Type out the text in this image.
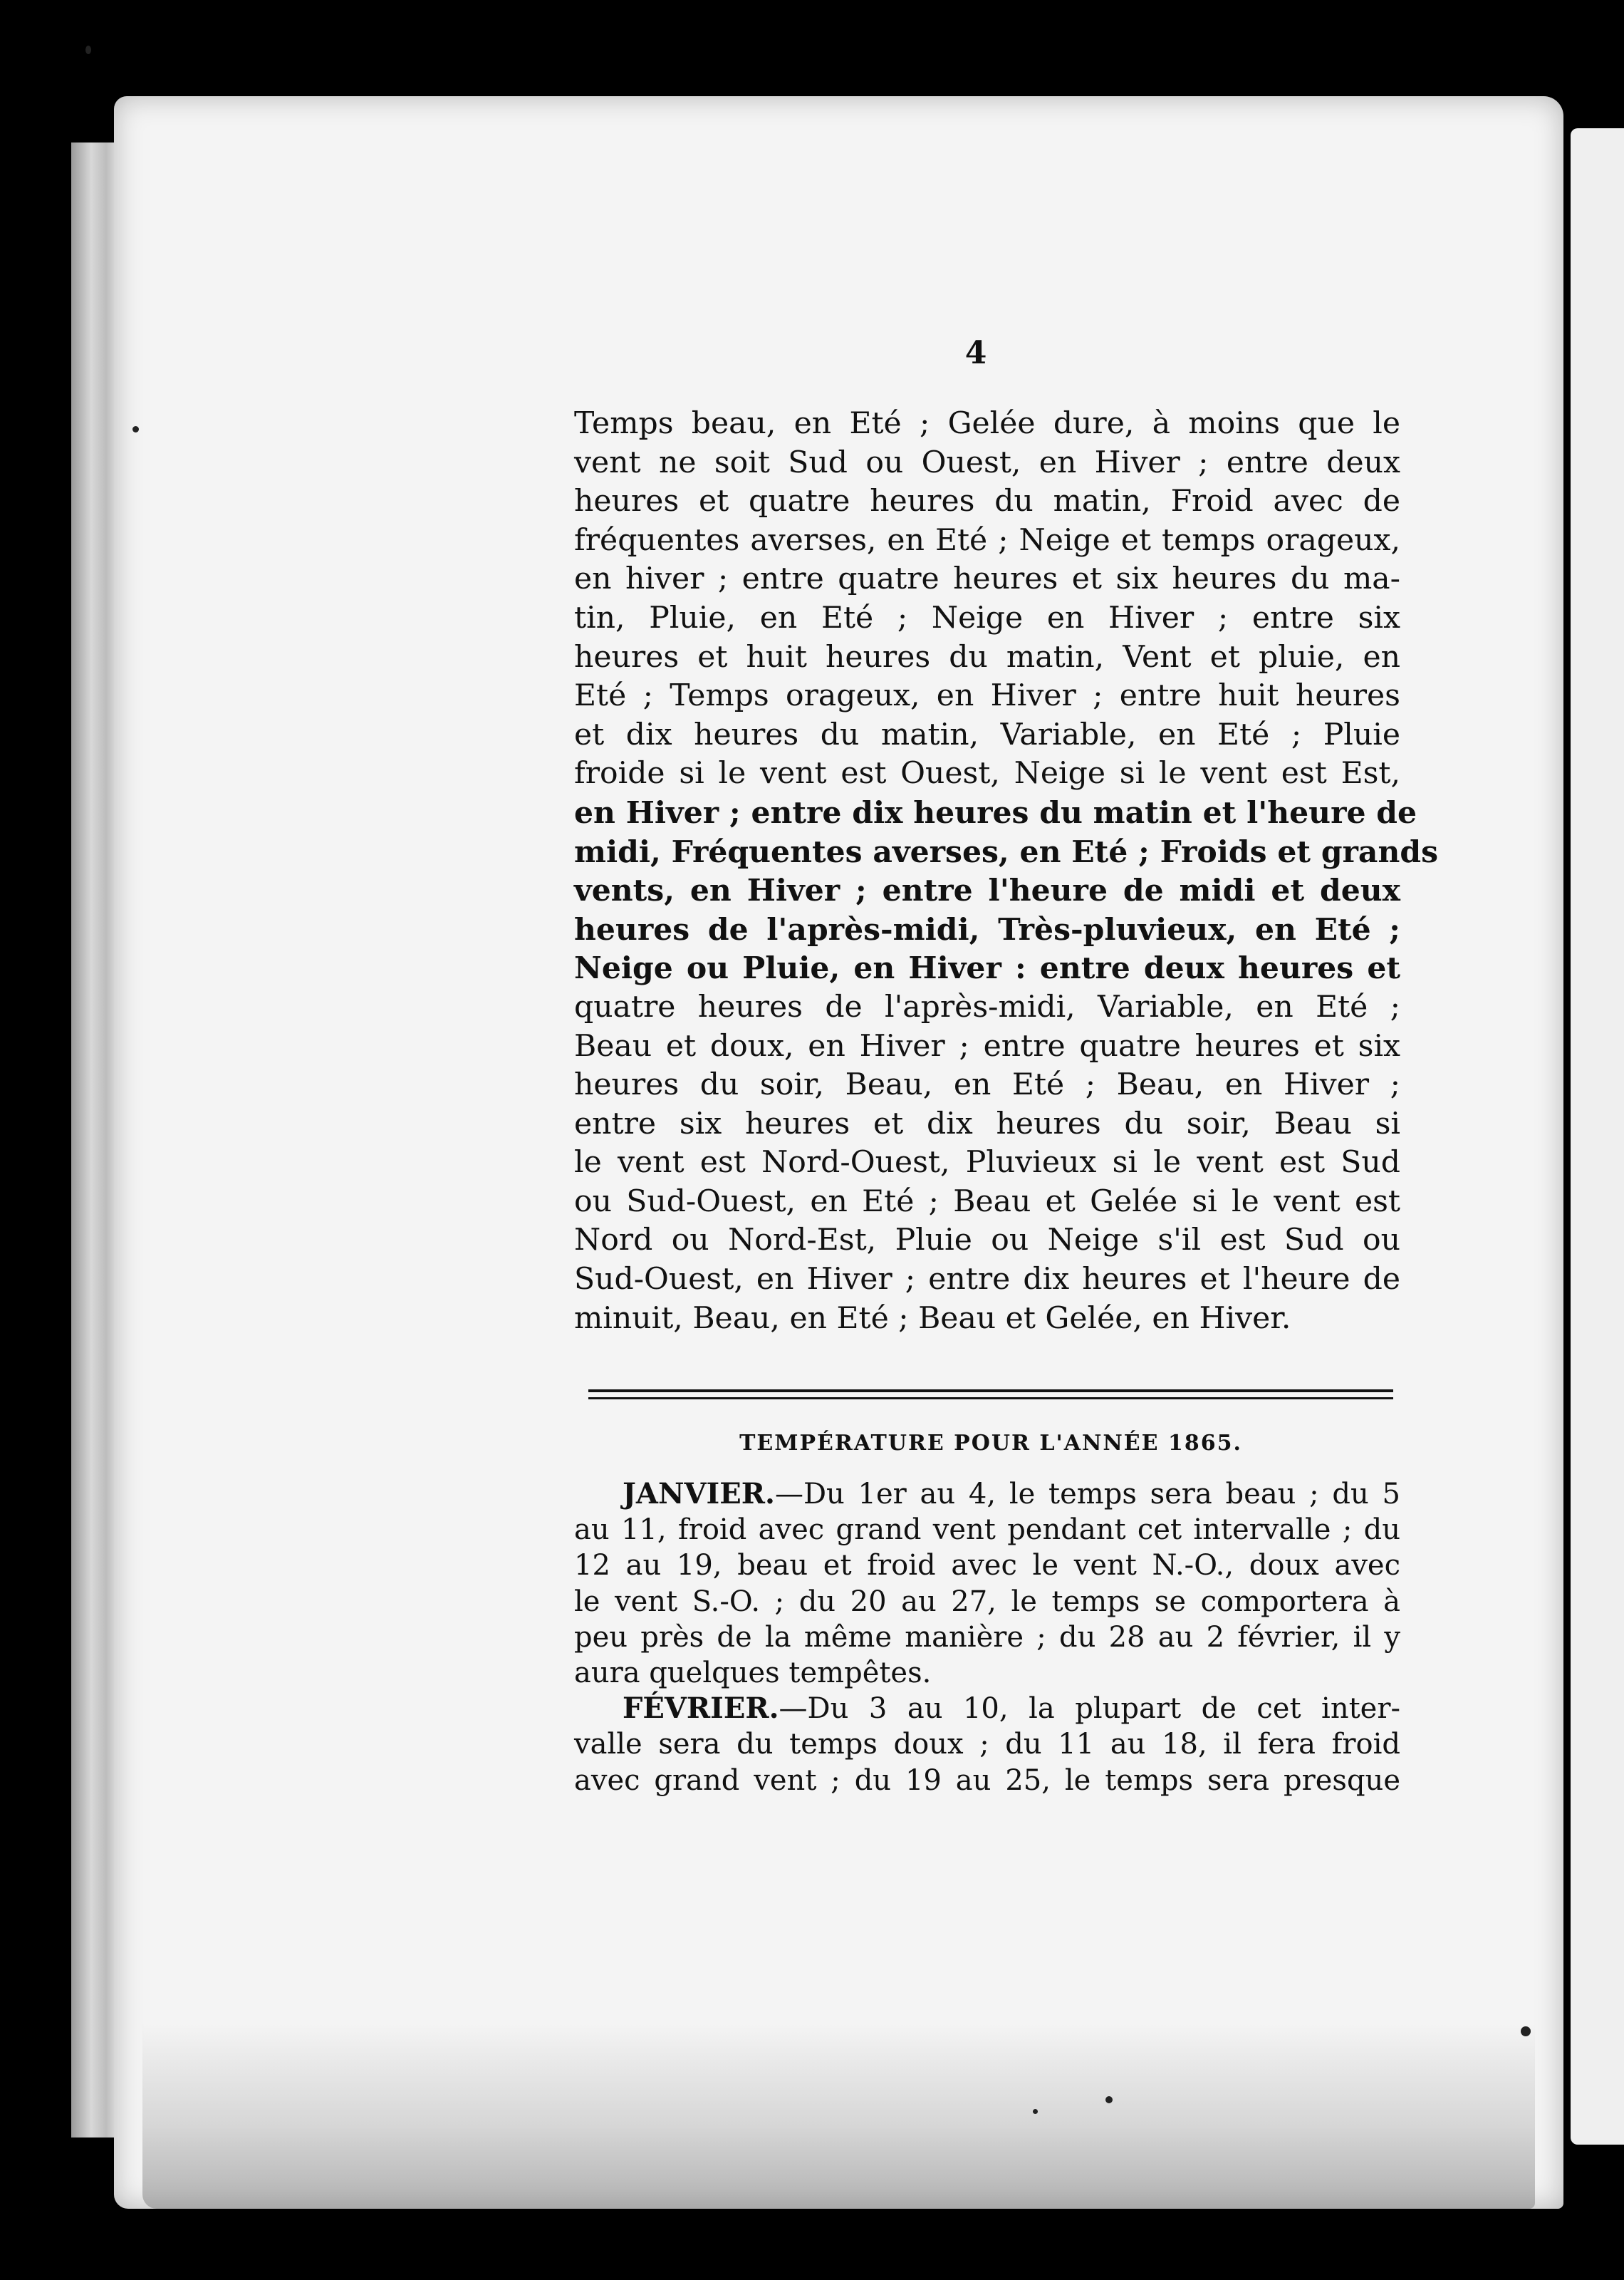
4
Temps beau, en Eté ; Gelée dure, à moins que le
vent ne soit Sud ou Ouest, en Hiver ; entre deux
heures et quatre heures du matin, Froid avec de
fréquentes averses, en Eté ; Neige et temps orageux,
en hiver ; entre quatre heures et six heures du ma-
tin, Pluie, en Eté ; Neige en Hiver ; entre six
heures et huit heures du matin, Vent et pluie, en
Eté ; Temps orageux, en Hiver ; entre huit heures
et dix heures du matin, Variable, en Eté ; Pluie
froide si le vent est Ouest, Neige si le vent est Est,
en Hiver ; entre dix heures du matin et l'heure de
midi, Fréquentes averses, en Eté ; Froids et grands
vents, en Hiver ; entre l'heure de midi et deux
heures de l'après-midi, Très-pluvieux, en Eté ;
Neige ou Pluie, en Hiver : entre deux heures et
quatre heures de l'après-midi, Variable, en Eté ;
Beau et doux, en Hiver ; entre quatre heures et six
heures du soir, Beau, en Eté ; Beau, en Hiver ;
entre six heures et dix heures du soir, Beau si
le vent est Nord-Ouest, Pluvieux si le vent est Sud
ou Sud-Ouest, en Eté ; Beau et Gelée si le vent est
Nord ou Nord-Est, Pluie ou Neige s'il est Sud ou
Sud-Ouest, en Hiver ; entre dix heures et l'heure de
minuit, Beau, en Eté ; Beau et Gelée, en Hiver.
TEMPÉRATURE POUR L'ANNÉE 1865.
JANVIER.—Du 1er au 4, le temps sera beau ; du 5
au 11, froid avec grand vent pendant cet intervalle ; du
12 au 19, beau et froid avec le vent N.-O., doux avec
le vent S.-O. ; du 20 au 27, le temps se comportera à
peu près de la même manière ; du 28 au 2 février, il y
aura quelques tempêtes.
FÉVRIER.—Du 3 au 10, la plupart de cet inter-
valle sera du temps doux ; du 11 au 18, il fera froid
avec grand vent ; du 19 au 25, le temps sera presque
